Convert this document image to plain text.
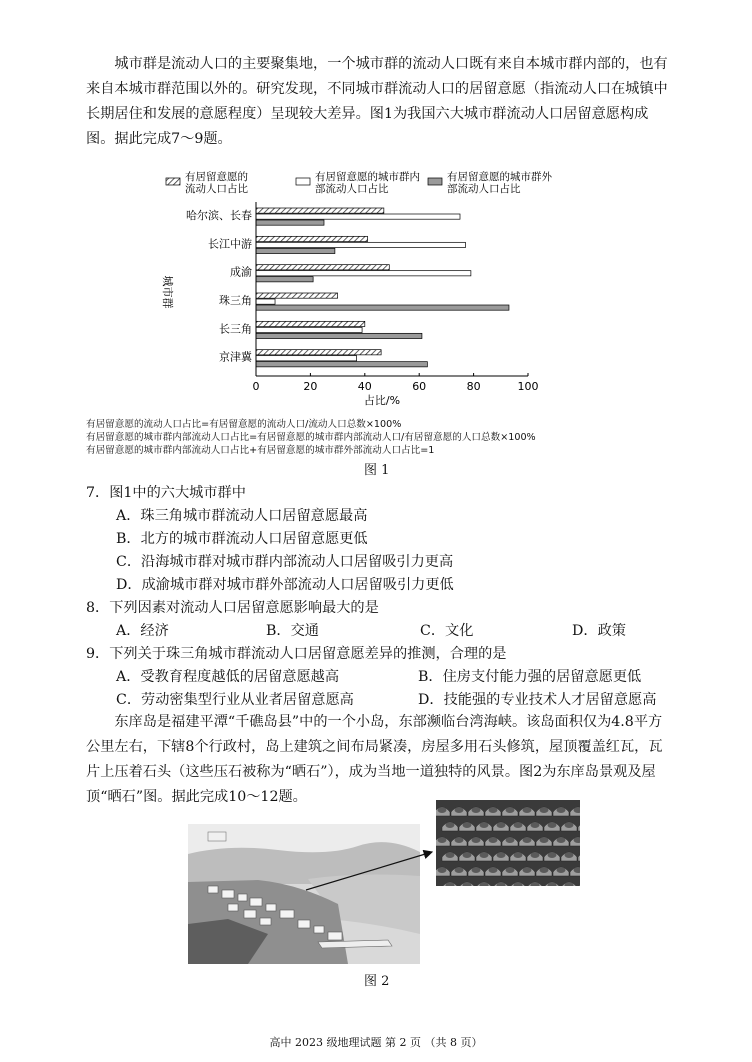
城市群是流动人口的主要聚集地，一个城市群的流动人口既有来自本城市群内部的，也有来自本城市群范围以外的。研究发现，不同城市群流动人口的居留意愿（指流动人口在城镇中长期居住和发展的意愿程度）呈现较大差异。图1为我国六大城市群流动人口居留意愿构成图。据此完成7～9题。

有居留意愿的
流动人口占比
有居留意愿的城市群内
部流动人口占比
有居留意愿的城市群外
部流动人口占比
城市群
哈尔滨、长春
长江中游
成渝
珠三角
长三角
京津冀
0	20	40	60	80	100
占比/%
有居留意愿的流动人口占比=有居留意愿的流动人口/流动人口总数×100%
有居留意愿的城市群内部流动人口占比=有居留意愿的城市群内部流动人口/有居留意愿的人口总数×100%
有居留意愿的城市群内部流动人口占比+有居留意愿的城市群外部流动人口占比=1
图 1
7．图1中的六大城市群中
A．珠三角城市群流动人口居留意愿最高
B．北方的城市群流动人口居留意愿更低
C．沿海城市群对城市群内部流动人口居留吸引力更高
D．成渝城市群对城市群外部流动人口居留吸引力更低
8．下列因素对流动人口居留意愿影响最大的是
A．经济	B．交通	C．文化	D．政策
9．下列关于珠三角城市群流动人口居留意愿差异的推测，合理的是
A．受教育程度越低的居留意愿越高	B．住房支付能力强的居留意愿更低
C．劳动密集型行业从业者居留意愿高	D．技能强的专业技术人才居留意愿高

东庠岛是福建平潭“千礁岛县”中的一个小岛，东部濒临台湾海峡。该岛面积仅为4.8平方公里左右，下辖8个行政村，岛上建筑之间布局紧凑，房屋多用石头修筑，屋顶覆盖红瓦，瓦片上压着石头（这些压石被称为“晒石”），成为当地一道独特的风景。图2为东庠岛景观及屋顶“晒石”图。据此完成10～12题。

图 2
高中 2023 级地理试题 第 2 页 （共 8 页）
